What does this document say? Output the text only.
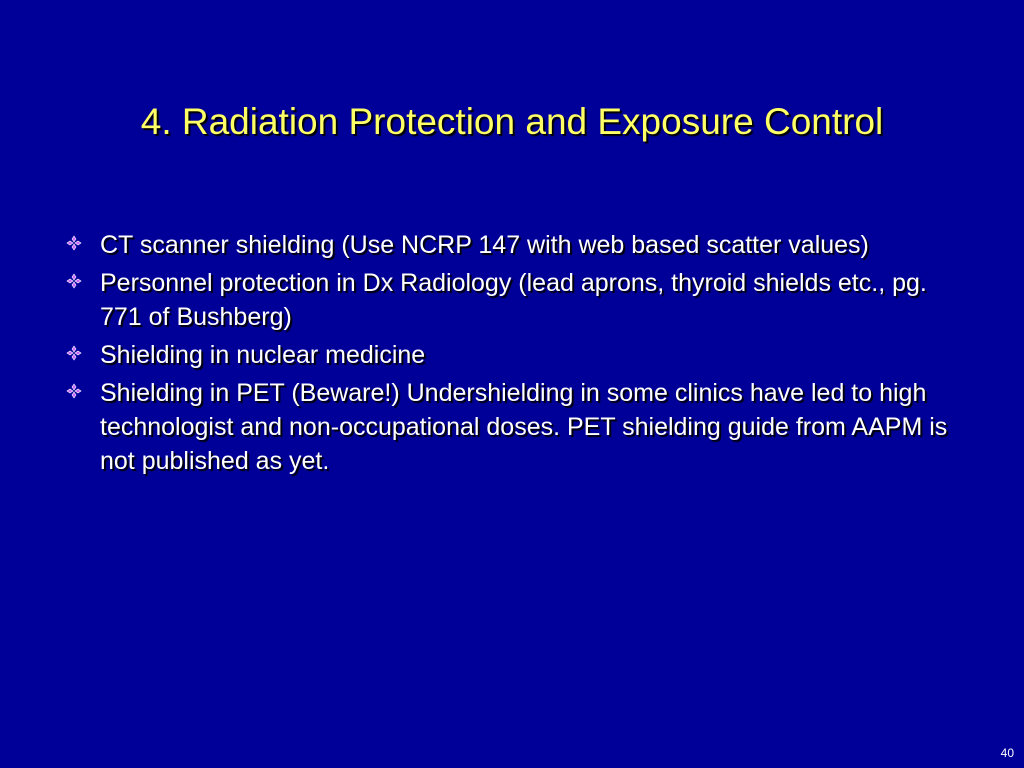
4. Radiation Protection and Exposure Control
CT scanner shielding (Use NCRP 147 with web based scatter values)
Personnel protection in Dx Radiology (lead aprons, thyroid shields etc., pg. 771 of Bushberg)
Shielding in nuclear medicine
Shielding in PET (Beware!) Undershielding in some clinics have led to high technologist and non-occupational doses. PET shielding guide from AAPM is not published as yet.
40
